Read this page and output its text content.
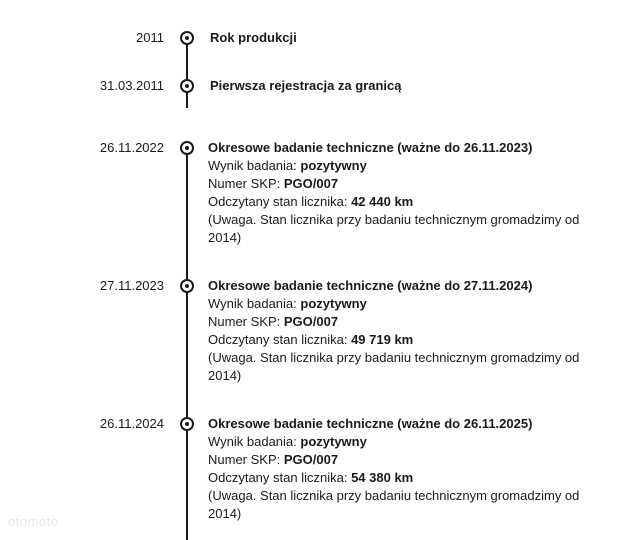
2011	Rok produkcji
31.03.2011	Pierwsza rejestracja za granicą
26.11.2022	Okresowe badanie techniczne (ważne do 26.11.2023)
Wynik badania: pozytywny
Numer SKP: PGO/007
Odczytany stan licznika: 42 440 km
(Uwaga. Stan licznika przy badaniu technicznym gromadzimy od 2014)
27.11.2023	Okresowe badanie techniczne (ważne do 27.11.2024)
Wynik badania: pozytywny
Numer SKP: PGO/007
Odczytany stan licznika: 49 719 km
(Uwaga. Stan licznika przy badaniu technicznym gromadzimy od 2014)
26.11.2024	Okresowe badanie techniczne (ważne do 26.11.2025)
Wynik badania: pozytywny
Numer SKP: PGO/007
Odczytany stan licznika: 54 380 km
(Uwaga. Stan licznika przy badaniu technicznym gromadzimy od 2014)
otomoto
